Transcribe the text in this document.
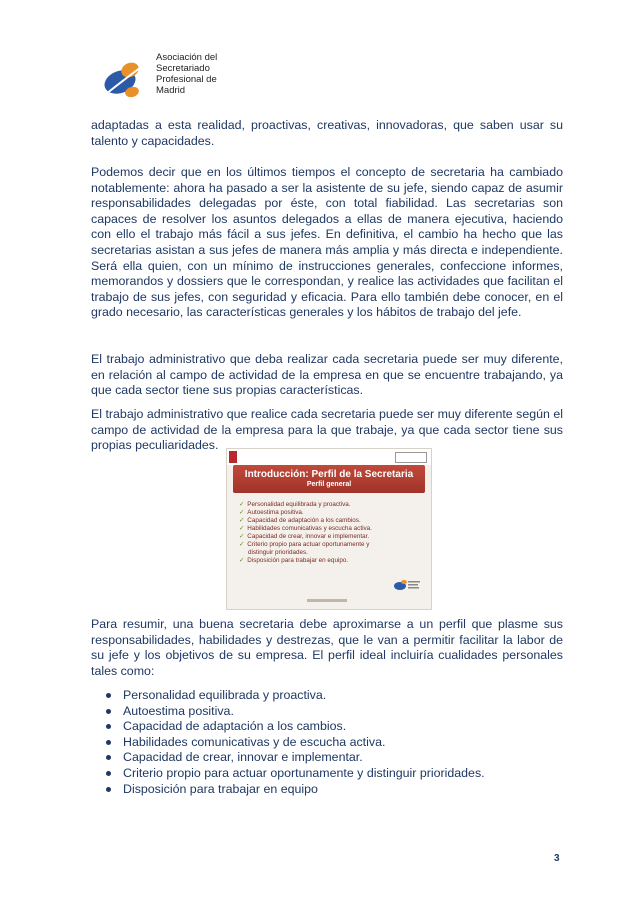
Asociación del
Secretariado
Profesional de
Madrid

adaptadas a esta realidad, proactivas, creativas, innovadoras, que saben usar su talento y capacidades.

Podemos decir que en los últimos tiempos el concepto de secretaria ha cambiado notablemente: ahora ha pasado a ser la asistente de su jefe, siendo capaz de asumir responsabilidades delegadas por éste, con total fiabilidad. Las secretarias son capaces de resolver los asuntos delegados a ellas de manera ejecutiva, haciendo con ello el trabajo más fácil a sus jefes. En definitiva, el cambio ha hecho que las secretarias asistan a sus jefes de manera más amplia y más directa e independiente. Será ella quien, con un mínimo de instrucciones generales, confeccione informes, memorandos y dossiers que le correspondan, y realice las actividades que facilitan el trabajo de sus jefes, con seguridad y eficacia. Para ello también debe conocer, en el grado necesario, las características generales y los hábitos de trabajo del jefe.

El trabajo administrativo que deba realizar cada secretaria puede ser muy diferente, en relación al campo de actividad de la empresa en que se encuentre trabajando, ya que cada sector tiene sus propias características.

El trabajo administrativo que realice cada secretaria puede ser muy diferente según el campo de actividad de la empresa para la que trabaje, ya que cada sector tiene sus propias peculiaridades.

Introducción: Perfil de la Secretaria
Perfil general
✓ Personalidad equilibrada y proactiva.
✓ Autoestima positiva.
✓ Capacidad de adaptación a los cambios.
✓ Habilidades comunicativas y escucha activa.
✓ Capacidad de crear, innovar e implementar.
✓ Criterio propio para actuar oportunamente y
distinguir prioridades.
✓ Disposición para trabajar en equipo.

Para resumir, una buena secretaria debe aproximarse a un perfil que plasme sus responsabilidades, habilidades y destrezas, que le van a permitir facilitar la labor de su jefe y los objetivos de su empresa. El perfil ideal incluiría cualidades personales tales como:

Personalidad equilibrada y proactiva.
Autoestima positiva.
Capacidad de adaptación a los cambios.
Habilidades comunicativas y de escucha activa.
Capacidad de crear, innovar e implementar.
Criterio propio para actuar oportunamente y distinguir prioridades.
Disposición para trabajar en equipo
3
